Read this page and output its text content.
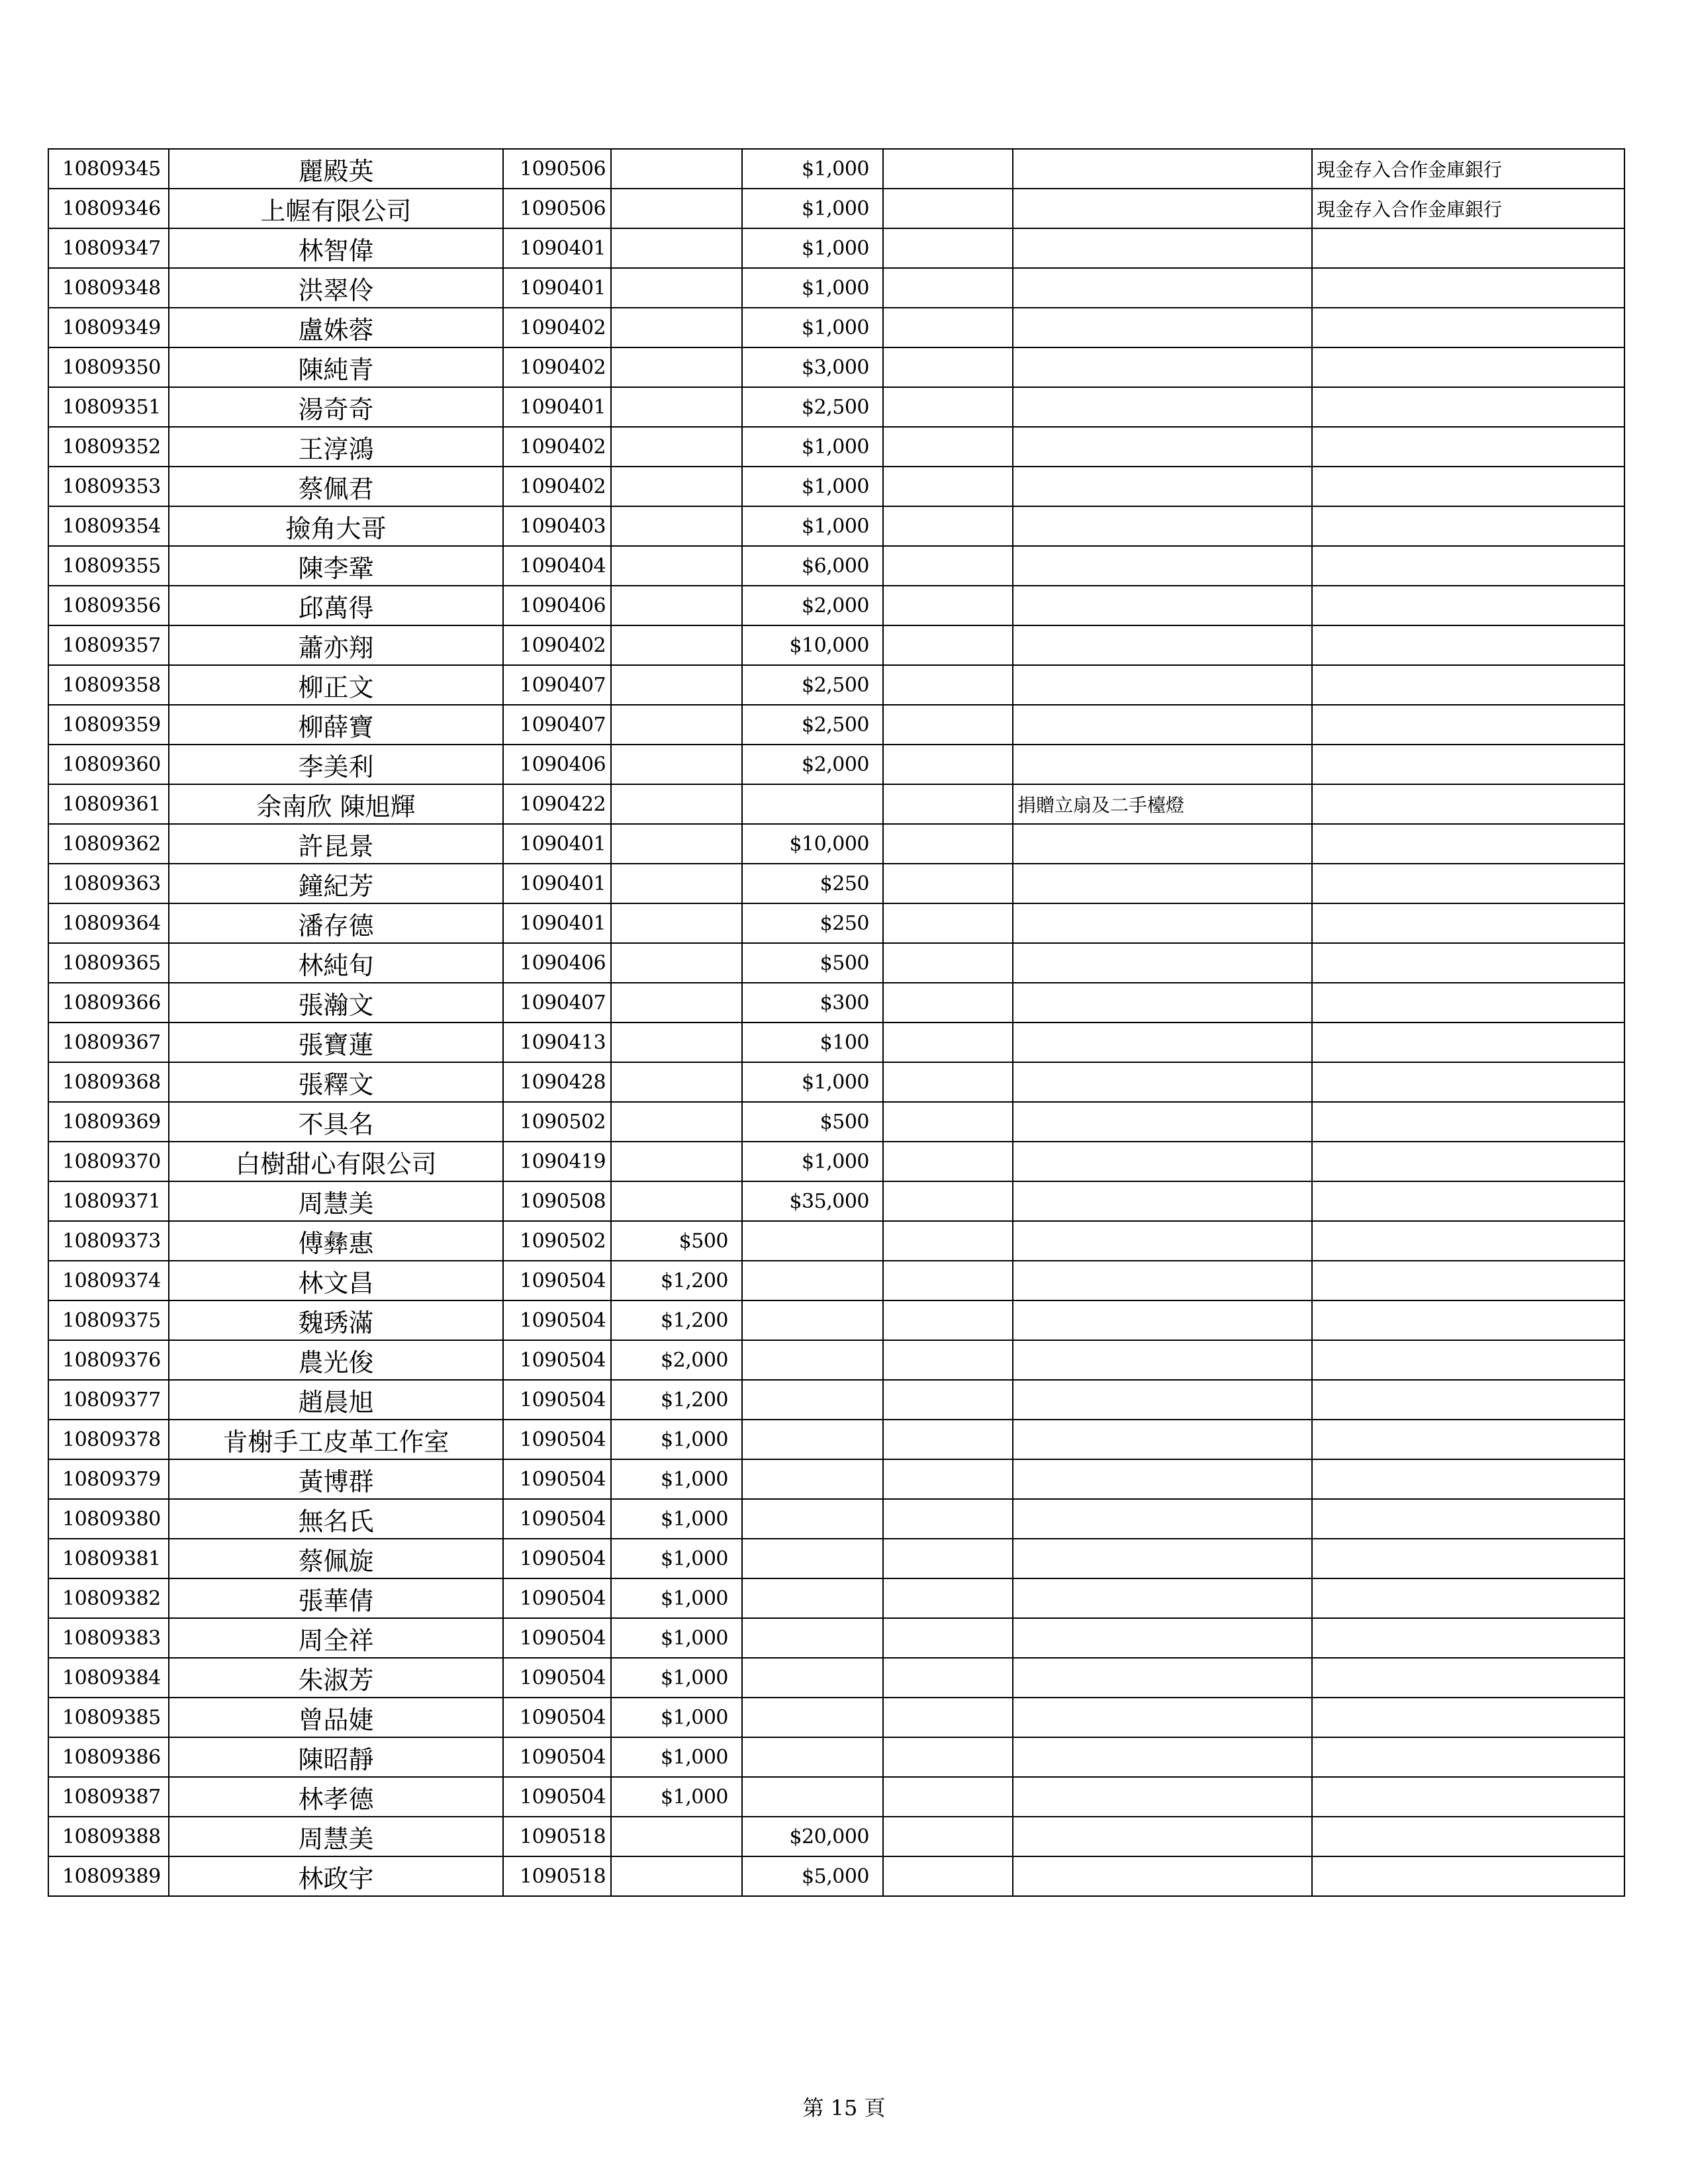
10809345	麗殿英	1090506		$1,000			現金存入合作金庫銀行
10809346	上幄有限公司	1090506		$1,000			現金存入合作金庫銀行
10809347	林智偉	1090401		$1,000			
10809348	洪翠伶	1090401		$1,000			
10809349	盧姝蓉	1090402		$1,000			
10809350	陳純青	1090402		$3,000			
10809351	湯奇奇	1090401		$2,500			
10809352	王淳鴻	1090402		$1,000			
10809353	蔡佩君	1090402		$1,000			
10809354	撿角大哥	1090403		$1,000			
10809355	陳李鞏	1090404		$6,000			
10809356	邱萬得	1090406		$2,000			
10809357	蕭亦翔	1090402		$10,000			
10809358	柳正文	1090407		$2,500			
10809359	柳薛寶	1090407		$2,500			
10809360	李美利	1090406		$2,000			
10809361	余南欣 陳旭輝	1090422				捐贈立扇及二手檯燈	
10809362	許昆景	1090401		$10,000			
10809363	鐘紀芳	1090401		$250			
10809364	潘存德	1090401		$250			
10809365	林純旬	1090406		$500			
10809366	張瀚文	1090407		$300			
10809367	張寶蓮	1090413		$100			
10809368	張釋文	1090428		$1,000			
10809369	不具名	1090502		$500			
10809370	白樹甜心有限公司	1090419		$1,000			
10809371	周慧美	1090508		$35,000			
10809373	傅彝惠	1090502	$500				
10809374	林文昌	1090504	$1,200				
10809375	魏琇滿	1090504	$1,200				
10809376	農光俊	1090504	$2,000				
10809377	趙晨旭	1090504	$1,200				
10809378	肯榭手工皮革工作室	1090504	$1,000				
10809379	黃博群	1090504	$1,000				
10809380	無名氏	1090504	$1,000				
10809381	蔡佩旋	1090504	$1,000				
10809382	張華倩	1090504	$1,000				
10809383	周全祥	1090504	$1,000				
10809384	朱淑芳	1090504	$1,000				
10809385	曾品婕	1090504	$1,000				
10809386	陳昭靜	1090504	$1,000				
10809387	林孝德	1090504	$1,000				
10809388	周慧美	1090518		$20,000			
10809389	林政宇	1090518		$5,000			
第 15 頁
